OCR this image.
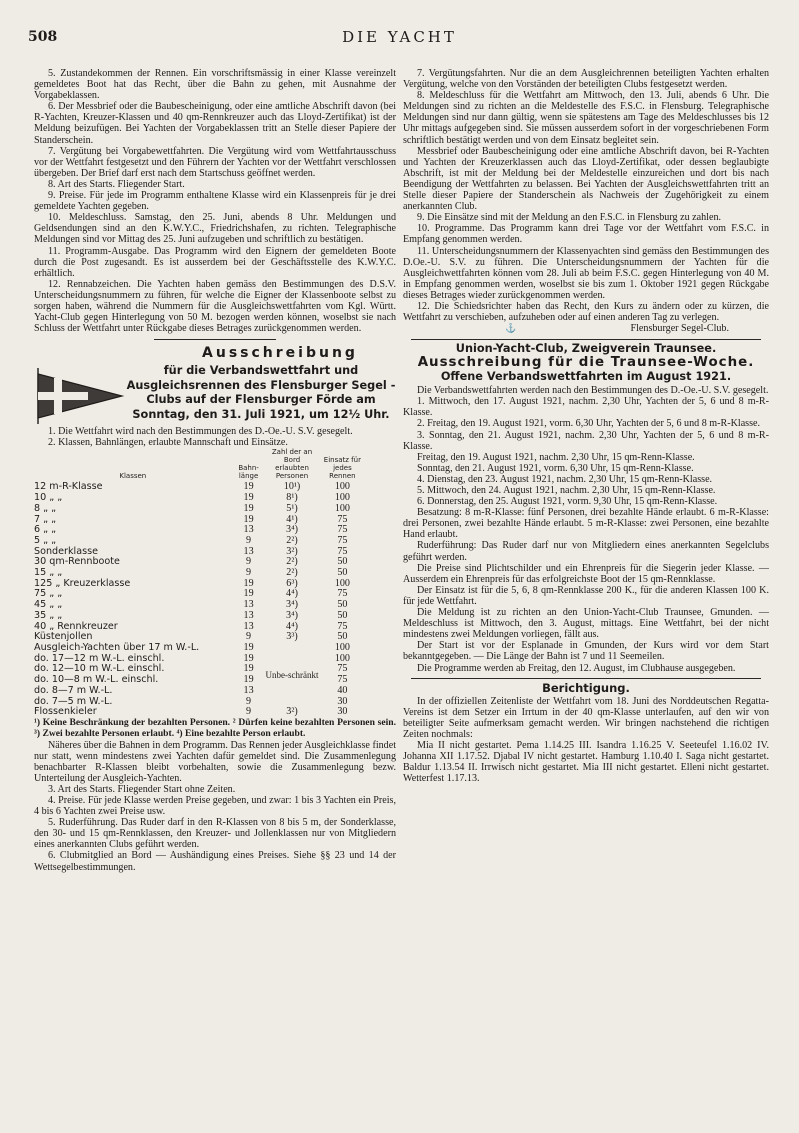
508	DIE YACHT

5. Zustandekommen der Rennen. Ein vorschriftsmässig in einer Klasse vereinzelt gemeldetes Boot hat das Recht, über die Bahn zu gehen, mit Ausnahme der Vorgabeklassen.

6. Der Messbrief oder die Baubescheinigung, oder eine amtliche Abschrift davon (bei R-Yachten, Kreuzer-Klassen und 40 qm-Rennkreuzer auch das Lloyd-Zertifikat) ist der Meldung beizufügen. Bei Yachten der Vorgabeklassen tritt an Stelle dieser Papiere der Standerschein.

7. Vergütung bei Vorgabewettfahrten. Die Vergütung wird vom Wettfahrtausschuss vor der Wettfahrt festgesetzt und den Führern der Yachten vor der Wettfahrt verschlossen übergeben. Der Brief darf erst nach dem Startschuss geöffnet werden.

8. Art des Starts. Fliegender Start.

9. Preise. Für jede im Programm enthaltene Klasse wird ein Klassenpreis für je drei gemeldete Yachten gegeben.

10. Meldeschluss. Samstag, den 25. Juni, abends 8 Uhr. Meldungen und Geldsendungen sind an den K.W.Y.C., Friedrichshafen, zu richten. Telegraphische Meldungen sind vor Mittag des 25. Juni aufzugeben und schriftlich zu bestätigen.

11. Programm-Ausgabe. Das Programm wird den Eignern der gemeldeten Boote durch die Post zugesandt. Es ist ausserdem bei der Geschäftsstelle des K.W.Y.C. erhältlich.

12. Rennabzeichen. Die Yachten haben gemäss den Bestimmungen des D.S.V. Unterscheidungsnummern zu führen, für welche die Eigner der Klassenboote selbst zu sorgen haben, während die Nummern für die Ausgleichswettfahrten vom Kgl. Württ. Yacht-Club gegen Hinterlegung von 50 M. bezogen werden können, woselbst sie nach Schluss der Wettfahrt unter Rückgabe dieses Betrages zurückgenommen werden.

Ausschreibung
für die Verbandswettfahrt und Ausgleichsrennen des Flensburger Segel - Clubs auf der Flensburger Förde am Sonntag, den 31. Juli 1921, um 12½ Uhr.

1. Die Wettfahrt wird nach den Bestimmungen des D.-Oe.-U. S.V. gesegelt.

2. Klassen, Bahnlängen, erlaubte Mannschaft und Einsätze.

Klassen	Bahn-länge	Zahl der an Bord erlaubten Personen	Einsatz für jedes Rennen	
12 m-R-Klasse	19	10¹)	100	
10 „ „	19	8¹)	100	
8 „ „	19	5¹)	100	
7 „ „	19	4¹)	75	
6 „ „	13	3⁴)	75	
5 „ „	9	2²)	75	
Sonderklasse	13	3²)	75	
30 qm-Rennboote	9	2²)	50	
15 „ „	9	2²)	50	
125 „ Kreuzerklasse	19	6³)	100	
75 „ „	19	4⁴)	75	
45 „ „	13	3⁴)	50	
35 „ „	13	3⁴)	50	
40 „ Rennkreuzer	13	4⁴)	75	
Küstenjollen	9	3³)	50	
Ausgleich-Yachten über 17 m W.-L.	19	Unbe-schränkt	100	
do. 17—12 m W.-L. einschl.	19		100	
do. 12—10 m W.-L. einschl.	19		75	
do. 10—8 m W.-L. einschl.	19		75	
do. 8—7 m W.-L.	13		40	
do. 7—5 m W.-L.	9		30	
Flossenkieler	9	3²)	30	

¹) Keine Beschränkung der bezahlten Personen. ² Dürfen keine bezahlten Personen sein. ³) Zwei bezahlte Personen erlaubt. ⁴) Eine bezahlte Person erlaubt.

Näheres über die Bahnen in dem Programm. Das Rennen jeder Ausgleichklasse findet nur statt, wenn mindestens zwei Yachten dafür gemeldet sind. Die Zusammenlegung benachbarter R-Klassen bleibt vorbehalten, sowie die Zusammenlegung bezw. Unterteilung der Ausgleich-Yachten.

3. Art des Starts. Fliegender Start ohne Zeiten.

4. Preise. Für jede Klasse werden Preise gegeben, und zwar: 1 bis 3 Yachten ein Preis, 4 bis 6 Yachten zwei Preise usw.

5. Ruderführung. Das Ruder darf in den R-Klassen von 8 bis 5 m, der Sonderklasse, den 30- und 15 qm-Rennklassen, den Kreuzer- und Jollenklassen nur von Mitgliedern eines anerkannten Clubs geführt werden.

6. Clubmitglied an Bord — Aushändigung eines Preises. Siehe §§ 23 und 14 der Wettsegelbestimmungen.

7. Vergütungsfahrten. Nur die an dem Ausgleichrennen beteiligten Yachten erhalten Vergütung, welche von den Vorständen der beteiligten Clubs festgesetzt werden.

8. Meldeschluss für die Wettfahrt am Mittwoch, den 13. Juli, abends 6 Uhr. Die Meldungen sind zu richten an die Meldestelle des F.S.C. in Flensburg. Telegraphische Meldungen sind nur dann gültig, wenn sie spätestens am Tage des Meldeschlusses bis 12 Uhr mittags aufgegeben sind. Sie müssen ausserdem sofort in der vorgeschriebenen Form schriftlich bestätigt werden und von dem Einsatz begleitet sein.

Messbrief oder Baubescheinigung oder eine amtliche Abschrift davon, bei R-Yachten und Yachten der Kreuzerklassen auch das Lloyd-Zertifikat, oder dessen beglaubigte Abschrift, ist mit der Meldung bei der Meldestelle einzureichen und dort bis nach Beendigung der Wettfahrten zu belassen. Bei Yachten der Ausgleichswettfahrten tritt an Stelle dieser Papiere der Standerschein als Nachweis der Zugehörigkeit zu einem anerkannten Club.

9. Die Einsätze sind mit der Meldung an den F.S.C. in Flensburg zu zahlen.

10. Programme. Das Programm kann drei Tage vor der Wettfahrt vom F.S.C. in Empfang genommen werden.

11. Unterscheidungsnummern der Klassenyachten sind gemäss den Bestimmungen des D.Oe.-U. S.V. zu führen. Die Unterscheidungsnummern der Yachten für die Ausgleichwettfahrten können vom 28. Juli ab beim F.S.C. gegen Hinterlegung von 40 M. in Empfang genommen werden, woselbst sie bis zum 1. Oktober 1921 gegen Rückgabe dieses Betrages wieder zurückgenommen werden.

12. Die Schiedsrichter haben das Recht, den Kurs zu ändern oder zu kürzen, die Wettfahrt zu verschieben, aufzuheben oder auf einen anderen Tag zu verlegen.

⚓	Flensburger Segel-Club.
Union-Yacht-Club, Zweigverein Traunsee.
Ausschreibung für die Traunsee-Woche.
Offene Verbandswettfahrten im August 1921.

Die Verbandswettfahrten werden nach den Bestimmungen des D.-Oe.-U. S.V. gesegelt.

1. Mittwoch, den 17. August 1921, nachm. 2,30 Uhr, Yachten der 5, 6 und 8 m-R-Klasse.

2. Freitag, den 19. August 1921, vorm. 6,30 Uhr, Yachten der 5, 6 und 8 m-R-Klasse.

3. Sonntag, den 21. August 1921, nachm. 2,30 Uhr, Yachten der 5, 6 und 8 m-R-Klasse.

Freitag, den 19. August 1921, nachm. 2,30 Uhr, 15 qm-Renn-Klasse.

Sonntag, den 21. August 1921, vorm. 6,30 Uhr, 15 qm-Renn-Klasse.

4. Dienstag, den 23. August 1921, nachm. 2,30 Uhr, 15 qm-Renn-Klasse.

5. Mittwoch, den 24. August 1921, nachm. 2,30 Uhr, 15 qm-Renn-Klasse.

6. Donnerstag, den 25. August 1921, vorm. 9,30 Uhr, 15 qm-Renn-Klasse.

Besatzung: 8 m-R-Klasse: fünf Personen, drei bezahlte Hände erlaubt. 6 m-R-Klasse: drei Personen, zwei bezahlte Hände erlaubt. 5 m-R-Klasse: zwei Personen, eine bezahlte Hand erlaubt.

Ruderführung: Das Ruder darf nur von Mitgliedern eines anerkannten Segelclubs geführt werden.

Die Preise sind Plichtschilder und ein Ehrenpreis für die Siegerin jeder Klasse. — Ausserdem ein Ehrenpreis für das erfolgreichste Boot der 15 qm-Rennklasse.

Der Einsatz ist für die 5, 6, 8 qm-Rennklasse 200 K., für die anderen Klassen 100 K. für jede Wettfahrt.

Die Meldung ist zu richten an den Union-Yacht-Club Traunsee, Gmunden. — Meldeschluss ist Mittwoch, den 3. August, mittags. Eine Wettfahrt, bei der nicht mindestens zwei Meldungen vorliegen, fällt aus.

Der Start ist vor der Esplanade in Gmunden, der Kurs wird vor dem Start bekanntgegeben. — Die Länge der Bahn ist 7 und 11 Seemeilen.

Die Programme werden ab Freitag, den 12. August, im Clubhause ausgegeben.

Berichtigung.

In der offiziellen Zeitenliste der Wettfahrt vom 18. Juni des Norddeutschen Regatta-Vereins ist dem Setzer ein Irrtum in der 40 qm-Klasse unterlaufen, auf den wir von beteiligter Seite aufmerksam gemacht werden. Wir bringen nachstehend die richtigen Zeiten nochmals:

Mia II nicht gestartet. Pema 1.14.25 III. Isandra 1.16.25 V. Seeteufel 1.16.02 IV. Johanna XII 1.17.52. Djabal IV nicht gestartet. Hamburg 1.10.40 I. Saga nicht gestartet. Baldur 1.13.54 II. Irrwisch nicht gestartet. Mia III nicht gestartet. Elleni nicht gestartet. Wetterfest 1.17.13.
